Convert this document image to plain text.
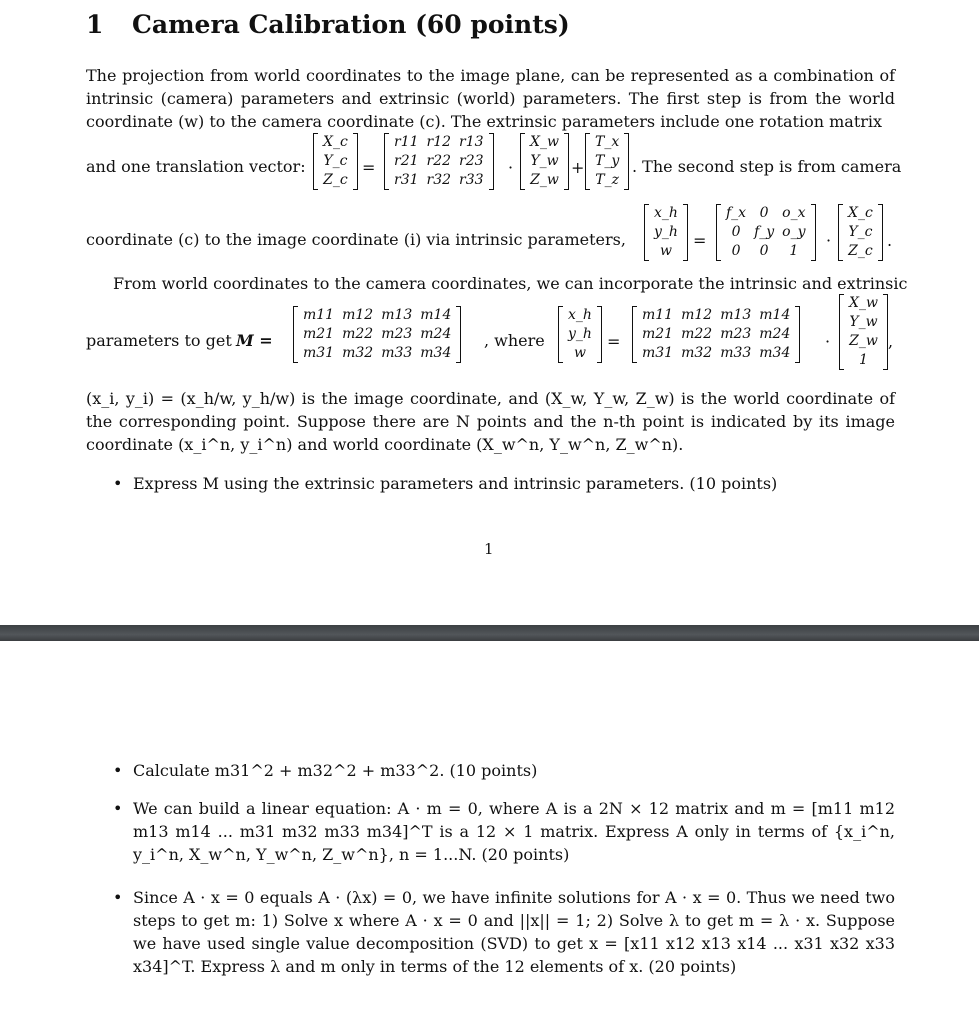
1 Camera Calibration (60 points)

The projection from world coordinates to the image plane, can be represented as a combination of intrinsic (camera) parameters and extrinsic (world) parameters. The first step is from the world coordinate (w) to the camera coordinate (c). The extrinsic parameters include one rotation matrix

and one translation vector:
X_c
Y_c
Z_c
=
r11	r12	r13
r21	r22	r23
r31	r32	r33
·
X_w
Y_w
Z_w
+
T_x
T_y
T_z
. The second step is from camera
coordinate (c) to the image coordinate (i) via intrinsic parameters,
x_h
y_h
w
=
f_x	0	o_x
0	f_y	o_y
0	0	1
·
X_c
Y_c
Z_c
.
From world coordinates to the camera coordinates, we can incorporate the intrinsic and extrinsic
parameters to get M =
m11	m12	m13	m14
m21	m22	m23	m24
m31	m32	m33	m34
, where
x_h
y_h
w
=
m11	m12	m13	m14
m21	m22	m23	m24
m31	m32	m33	m34
·
X_w
Y_w
Z_w
1
,

(x_i, y_i) = (x_h/w, y_h/w) is the image coordinate, and (X_w, Y_w, Z_w) is the world coordinate of the corresponding point. Suppose there are N points and the n-th point is indicated by its image coordinate (x_i^n, y_i^n) and world coordinate (X_w^n, Y_w^n, Z_w^n).

• Express M using the extrinsic parameters and intrinsic parameters. (10 points)
1
• Calculate m31^2 + m32^2 + m33^2. (10 points)
• We can build a linear equation: A · m = 0, where A is a 2N × 12 matrix and m = [m11 m12 m13 m14 ... m31 m32 m33 m34]^T is a 12 × 1 matrix. Express A only in terms of {x_i^n, y_i^n, X_w^n, Y_w^n, Z_w^n}, n = 1...N. (20 points)
• Since A · x = 0 equals A · (λx) = 0, we have infinite solutions for A · x = 0. Thus we need two steps to get m: 1) Solve x where A · x = 0 and ||x|| = 1; 2) Solve λ to get m = λ · x. Suppose we have used single value decomposition (SVD) to get x = [x11 x12 x13 x14 ... x31 x32 x33 x34]^T. Express λ and m only in terms of the 12 elements of x. (20 points)
